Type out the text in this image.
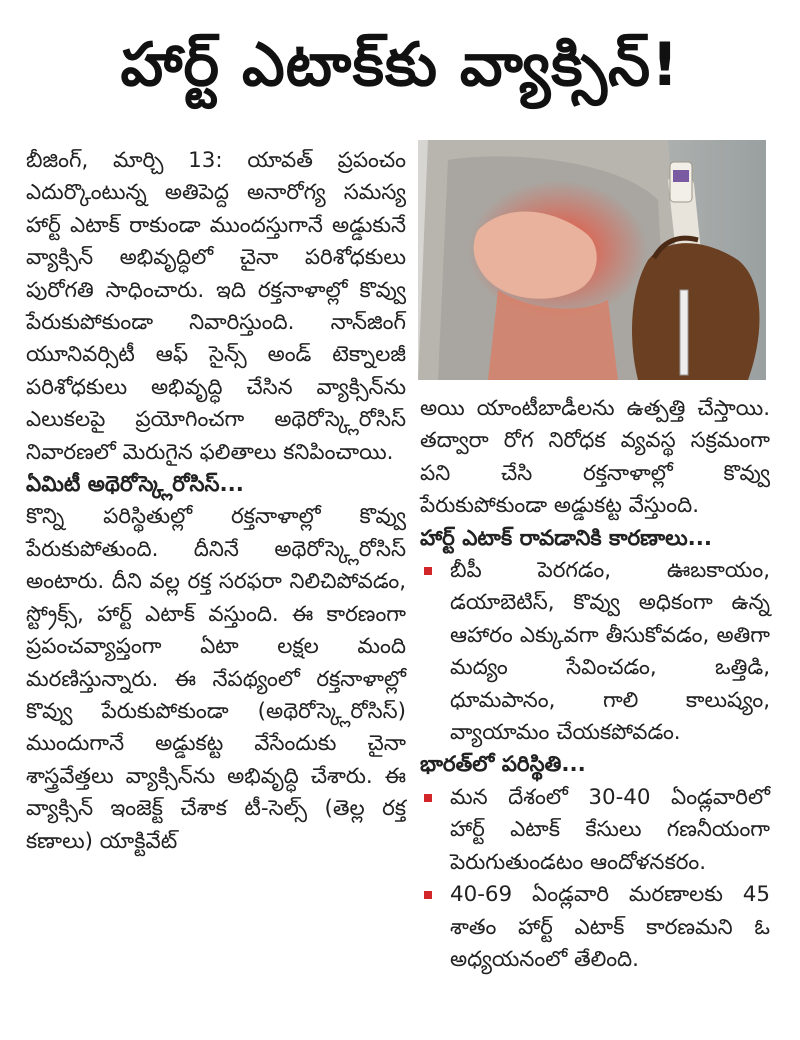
హార్ట్ ఎటాక్‌కు వ్యాక్సిన్!

బీజింగ్, మార్చి 13: యావత్ ప్రపంచం ఎదుర్కొంటున్న అతిపెద్ద అనారోగ్య సమస్య హార్ట్ ఎటాక్ రాకుండా ముందస్తుగానే అడ్డుకునే వ్యాక్సిన్ అభివృద్ధిలో చైనా పరిశోధకులు పురోగతి సాధించారు. ఇది రక్తనాళాల్లో కొవ్వు పేరుకుపోకుండా నివారిస్తుంది. నాన్‌జింగ్ యూనివర్సిటీ ఆఫ్ సైన్స్ అండ్ టెక్నాలజీ పరిశోధకులు అభివృద్ధి చేసిన వ్యాక్సిన్‌ను ఎలుకలపై ప్రయోగించగా అథెరోస్క్లెరోసిస్ నివారణలో మెరుగైన ఫలితాలు కనిపించాయి.

ఏమిటీ అథెరోస్క్లెరోసిస్...

కొన్ని పరిస్థితుల్లో రక్తనాళాల్లో కొవ్వు పేరుకుపోతుంది. దీనినే అథెరోస్క్లెరోసిస్ అంటారు. దీని వల్ల రక్త సరఫరా నిలిచిపోవడం, స్ట్రోక్స్, హార్ట్ ఎటాక్ వస్తుంది. ఈ కారణంగా ప్రపంచవ్యాప్తంగా ఏటా లక్షల మంది మరణిస్తున్నారు. ఈ నేపథ్యంలో రక్తనాళాల్లో కొవ్వు పేరుకుపోకుండా (అథెరోస్క్లెరోసిస్) ముందుగానే అడ్డుకట్ట వేసేందుకు చైనా శాస్త్రవేత్తలు వ్యాక్సిన్‌ను అభివృద్ధి చేశారు. ఈ వ్యాక్సిన్ ఇంజెక్ట్ చేశాక టీ-సెల్స్ (తెల్ల రక్త కణాలు) యాక్టివేట్

అయి యాంటీబాడీలను ఉత్పత్తి చేస్తాయి. తద్వారా రోగ నిరోధక వ్యవస్థ సక్రమంగా పని చేసి రక్తనాళాల్లో కొవ్వు పేరుకుపోకుండా అడ్డుకట్ట వేస్తుంది.

హార్ట్ ఎటాక్ రావడానికి కారణాలు...

బీపీ పెరగడం, ఊబకాయం, డయాబెటిస్, కొవ్వు అధికంగా ఉన్న ఆహారం ఎక్కువగా తీసుకోవడం, అతిగా మద్యం సేవించడం, ఒత్తిడి, ధూమపానం, గాలి కాలుష్యం, వ్యాయామం చేయకపోవడం.

భారత్‌లో పరిస్థితి...

మన దేశంలో 30-40 ఏండ్లవారిలో హార్ట్ ఎటాక్ కేసులు గణనీయంగా పెరుగుతుండటం ఆందోళనకరం.

40-69 ఏండ్లవారి మరణాలకు 45 శాతం హార్ట్ ఎటాక్ కారణమని ఓ అధ్యయనంలో తేలింది.
